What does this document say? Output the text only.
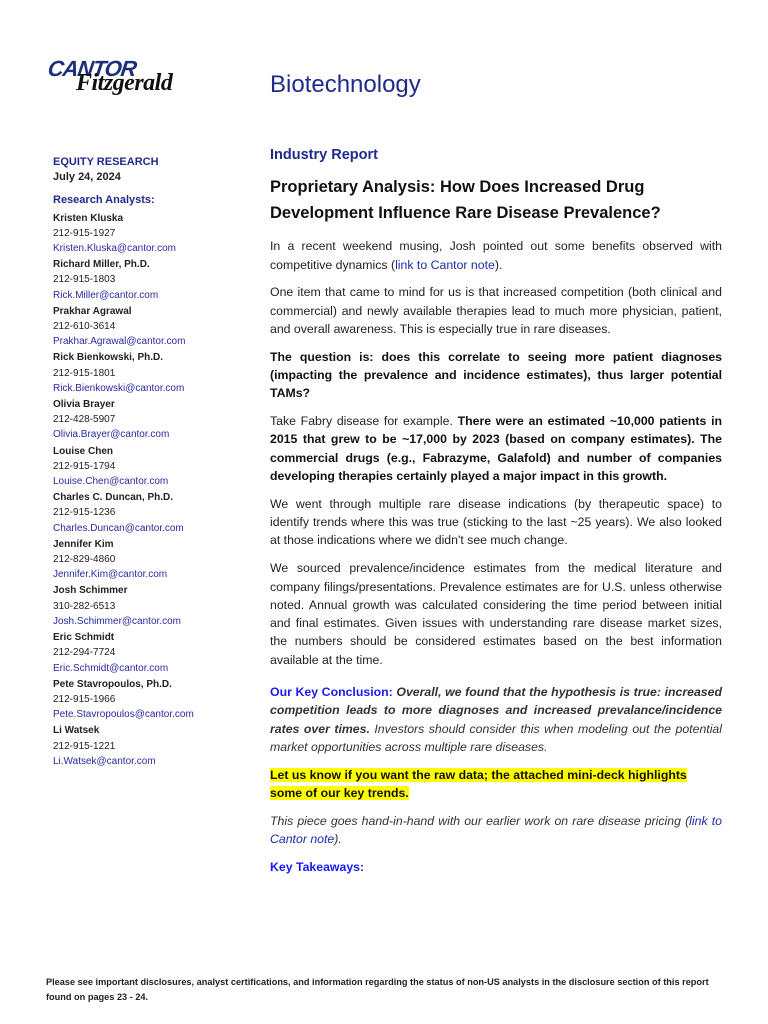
CANTOR
Fitzgerald	Biotechnology
EQUITY RESEARCH
July 24, 2024
Research Analysts:
Kristen Kluska
212-915-1927
Kristen.Kluska@cantor.com
Richard Miller, Ph.D.
212-915-1803
Rick.Miller@cantor.com
Prakhar Agrawal
212-610-3614
Prakhar.Agrawal@cantor.com
Rick Bienkowski, Ph.D.
212-915-1801
Rick.Bienkowski@cantor.com
Olivia Brayer
212-428-5907
Olivia.Brayer@cantor.com
Louise Chen
212-915-1794
Louise.Chen@cantor.com
Charles C. Duncan, Ph.D.
212-915-1236
Charles.Duncan@cantor.com
Jennifer Kim
212-829-4860
Jennifer.Kim@cantor.com
Josh Schimmer
310-282-6513
Josh.Schimmer@cantor.com
Eric Schmidt
212-294-7724
Eric.Schmidt@cantor.com
Pete Stavropoulos, Ph.D.
212-915-1966
Pete.Stavropoulos@cantor.com
Li Watsek
212-915-1221
Li.Watsek@cantor.com
Industry Report
Proprietary Analysis: How Does Increased Drug Development Influence Rare Disease Prevalence?

In a recent weekend musing, Josh pointed out some benefits observed with competitive dynamics (link to Cantor note).

One item that came to mind for us is that increased competition (both clinical and commercial) and newly available therapies lead to much more physician, patient, and overall awareness. This is especially true in rare diseases.

The question is: does this correlate to seeing more patient diagnoses (impacting the prevalence and incidence estimates), thus larger potential TAMs?

Take Fabry disease for example. There were an estimated ~10,000 patients in 2015 that grew to be ~17,000 by 2023 (based on company estimates). The commercial drugs (e.g., Fabrazyme, Galafold) and number of companies developing therapies certainly played a major impact in this growth.

We went through multiple rare disease indications (by therapeutic space) to identify trends where this was true (sticking to the last ~25 years). We also looked at those indications where we didn't see much change.

We sourced prevalence/incidence estimates from the medical literature and company filings/presentations. Prevalence estimates are for U.S. unless otherwise noted. Annual growth was calculated considering the time period between initial and final estimates. Given issues with understanding rare disease market sizes, the numbers should be considered estimates based on the best information available at the time.

Our Key Conclusion: Overall, we found that the hypothesis is true: increased competition leads to more diagnoses and increased prevalance/incidence rates over times. Investors should consider this when modeling out the potential market opportunities across multiple rare diseases.

Let us know if you want the raw data; the attached mini-deck highlights some of our key trends.

This piece goes hand-in-hand with our earlier work on rare disease pricing (link to Cantor note).

Key Takeaways:
Please see important disclosures, analyst certifications, and information regarding the status of non-US analysts in the disclosure section of this report found on pages 23 - 24.
